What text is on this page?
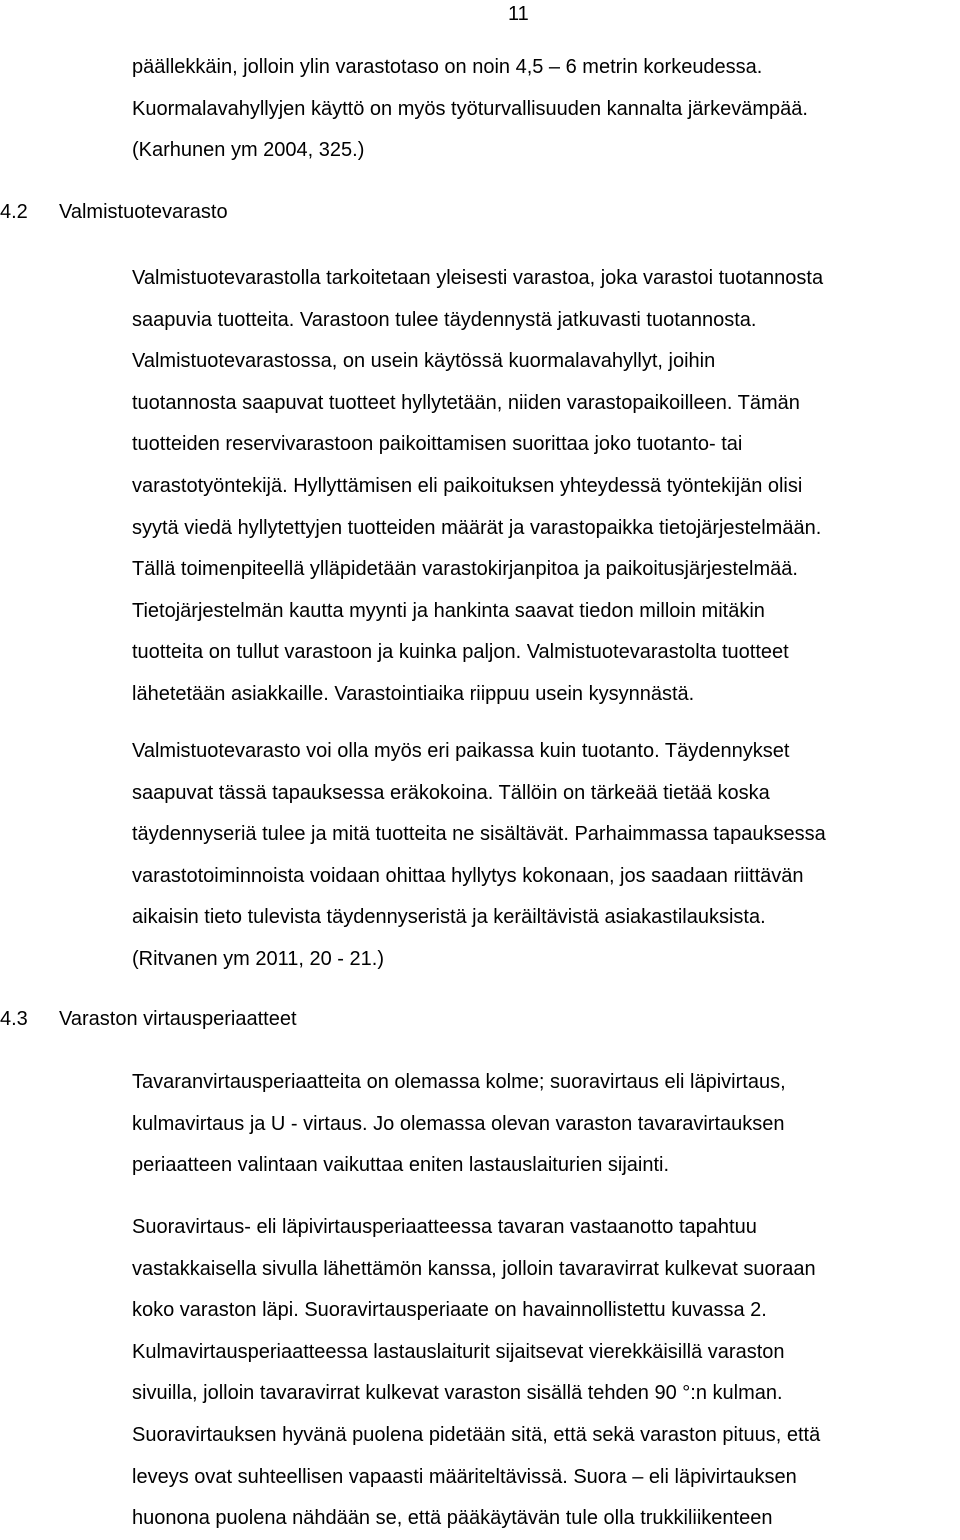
11
päällekkäin, jolloin ylin varastotaso on noin 4,5 – 6 metrin korkeudessa.
Kuormalavahyllyjen käyttö on myös työturvallisuuden kannalta järkevämpää.
(Karhunen ym 2004, 325.)
4.2 Valmistuotevarasto
Valmistuotevarastolla tarkoitetaan yleisesti varastoa, joka varastoi tuotannosta
saapuvia tuotteita. Varastoon tulee täydennystä jatkuvasti tuotannosta.
Valmistuotevarastossa, on usein käytössä kuormalavahyllyt, joihin
tuotannosta saapuvat tuotteet hyllytetään, niiden varastopaikoilleen. Tämän
tuotteiden reservivarastoon paikoittamisen suorittaa joko tuotanto- tai
varastotyöntekijä. Hyllyttämisen eli paikoituksen yhteydessä työntekijän olisi
syytä viedä hyllytettyjen tuotteiden määrät ja varastopaikka tietojärjestelmään.
Tällä toimenpiteellä ylläpidetään varastokirjanpitoa ja paikoitusjärjestelmää.
Tietojärjestelmän kautta myynti ja hankinta saavat tiedon milloin mitäkin
tuotteita on tullut varastoon ja kuinka paljon. Valmistuotevarastolta tuotteet
lähetetään asiakkaille. Varastointiaika riippuu usein kysynnästä.
Valmistuotevarasto voi olla myös eri paikassa kuin tuotanto. Täydennykset
saapuvat tässä tapauksessa eräkokoina. Tällöin on tärkeää tietää koska
täydennyseriä tulee ja mitä tuotteita ne sisältävät. Parhaimmassa tapauksessa
varastotoiminnoista voidaan ohittaa hyllytys kokonaan, jos saadaan riittävän
aikaisin tieto tulevista täydennyseristä ja keräiltävistä asiakastilauksista.
(Ritvanen ym 2011, 20 - 21.)
4.3 Varaston virtausperiaatteet
Tavaranvirtausperiaatteita on olemassa kolme; suoravirtaus eli läpivirtaus,
kulmavirtaus ja U - virtaus. Jo olemassa olevan varaston tavaravirtauksen
periaatteen valintaan vaikuttaa eniten lastauslaiturien sijainti.
Suoravirtaus- eli läpivirtausperiaatteessa tavaran vastaanotto tapahtuu
vastakkaisella sivulla lähettämön kanssa, jolloin tavaravirrat kulkevat suoraan
koko varaston läpi. Suoravirtausperiaate on havainnollistettu kuvassa 2.
Kulmavirtausperiaatteessa lastauslaiturit sijaitsevat vierekkäisillä varaston
sivuilla, jolloin tavaravirrat kulkevat varaston sisällä tehden 90 °:n kulman.
Suoravirtauksen hyvänä puolena pidetään sitä, että sekä varaston pituus, että
leveys ovat suhteellisen vapaasti määriteltävissä. Suora – eli läpivirtauksen
huonona puolena nähdään se, että pääkäytävän tule olla trukkiliikenteen
